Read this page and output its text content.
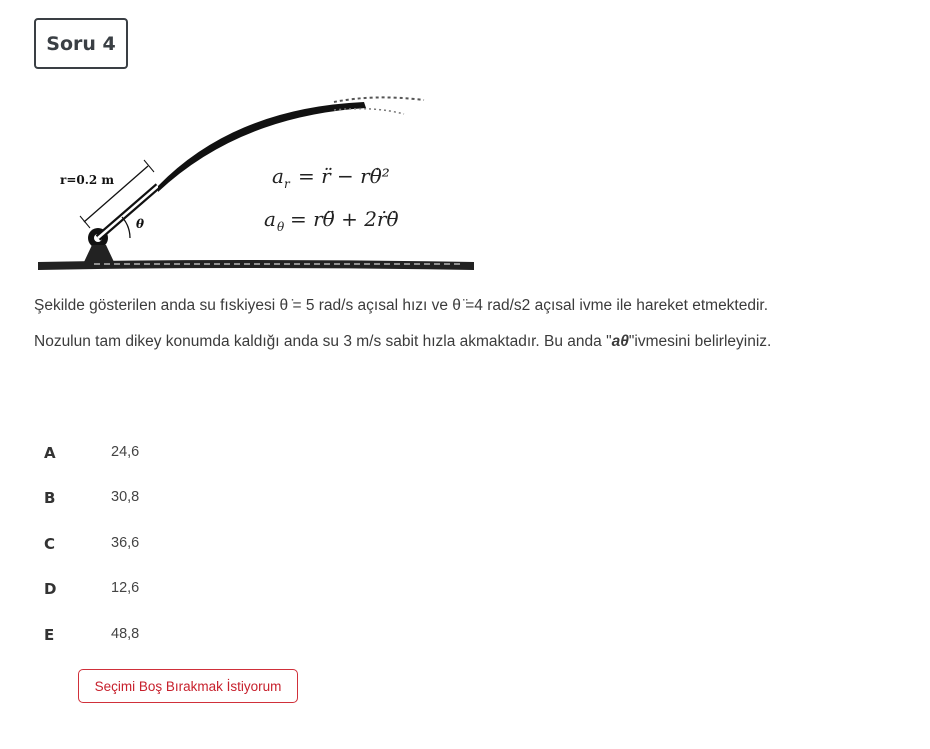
Soru 4
r=0.2 m
θ
a r = r̈ − rθ̇²
a θ = rθ̈ + 2ṙθ̇
Şekilde gösterilen anda su fıskiyesi θ ̇= 5 rad/s açısal hızı ve θ ̈=4 rad/s2 açısal ivme ile hareket etmektedir.
Nozulun tam dikey konumda kaldığı anda su 3 m/s sabit hızla akmaktadır. Bu anda "aθ"ivmesini belirleyiniz.
A	24,6
B	30,8
C	36,6
D	12,6
E	48,8
Seçimi Boş Bırakmak İstiyorum
